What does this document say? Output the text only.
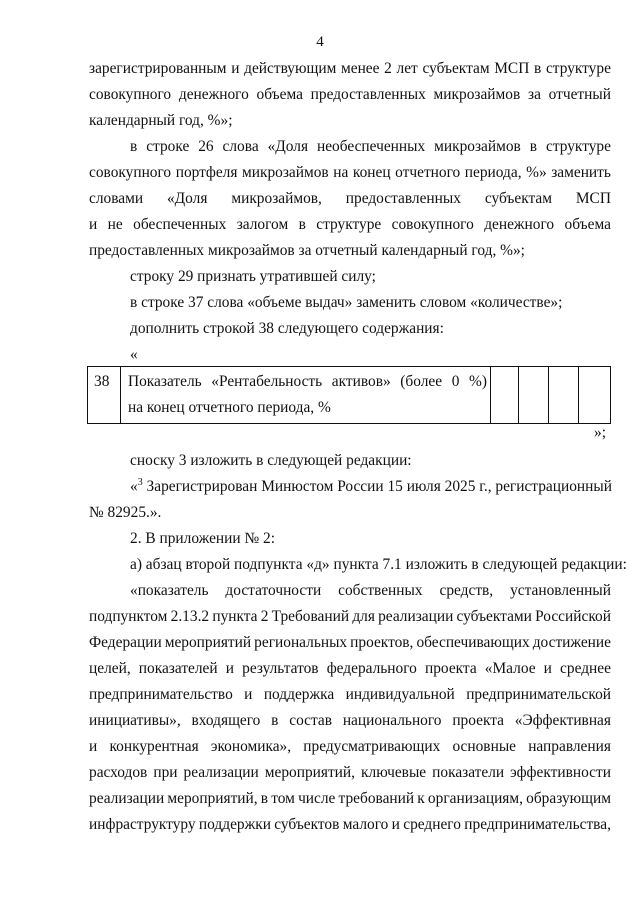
4
зарегистрированным и действующим менее 2 лет субъектам МСП в структуре
совокупного денежного объема предоставленных микрозаймов за отчетный
календарный год, %»;
в строке 26 слова «Доля необеспеченных микрозаймов в структуре
совокупного портфеля микрозаймов на конец отчетного периода, %» заменить
словами «Доля микрозаймов, предоставленных субъектам МСП
и не обеспеченных залогом в структуре совокупного денежного объема
предоставленных микрозаймов за отчетный календарный год, %»;
строку 29 признать утратившей силу;
в строке 37 слова «объеме выдач» заменить словом «количестве»;
дополнить строкой 38 следующего содержания:
«
38 Показатель «Рентабельность активов» (более 0 %)
на конец отчетного периода, %
»;
сноску 3 изложить в следующей редакции:
«$^3$ Зарегистрирован Минюстом России 15 июля 2025 г., регистрационный
№ 82925.».
2. В приложении № 2:
а) абзац второй подпункта «д» пункта 7.1 изложить в следующей редакции:
«показатель достаточности собственных средств, установленный
подпунктом 2.13.2 пункта 2 Требований для реализации субъектами Российской
Федерации мероприятий региональных проектов, обеспечивающих достижение
целей, показателей и результатов федерального проекта «Малое и среднее
предпринимательство и поддержка индивидуальной предпринимательской
инициативы», входящего в состав национального проекта «Эффективная
и конкурентная экономика», предусматривающих основные направления
расходов при реализации мероприятий, ключевые показатели эффективности
реализации мероприятий, в том числе требований к организациям, образующим
инфраструктуру поддержки субъектов малого и среднего предпринимательства,
